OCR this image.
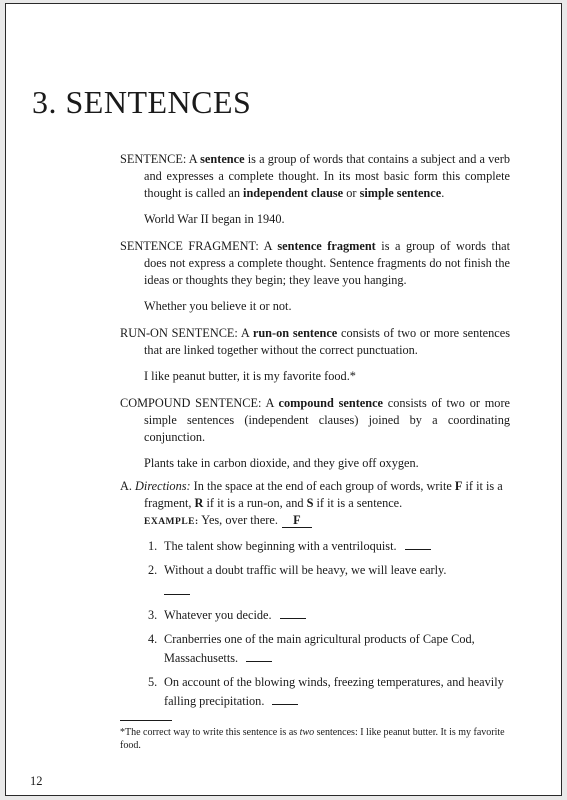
3. SENTENCES

SENTENCE: A sentence is a group of words that contains a subject and a verb and expresses a complete thought. In its most basic form this complete thought is called an independent clause or simple sentence.

World War II began in 1940.

SENTENCE FRAGMENT: A sentence fragment is a group of words that does not express a complete thought. Sentence fragments do not finish the ideas or thoughts they begin; they leave you hanging.

Whether you believe it or not.

RUN-ON SENTENCE: A run-on sentence consists of two or more sentences that are linked together without the correct punctuation.

I like peanut butter, it is my favorite food.*

COMPOUND SENTENCE: A compound sentence consists of two or more simple sentences (independent clauses) joined by a coordinating conjunction.

Plants take in carbon dioxide, and they give off oxygen.

A. Directions: In the space at the end of each group of words, write F if it is a fragment, R if it is a run-on, and S if it is a sentence.

EXAMPLE: Yes, over there. F

1. The talent show beginning with a ventriloquist.
2. Without a doubt traffic will be heavy, we will leave early.

3. Whatever you decide.
4. Cranberries one of the main agricultural products of Cape Cod, Massachusetts.
5. On account of the blowing winds, freezing temperatures, and heavily falling precipitation.

*The correct way to write this sentence is as two sentences: I like peanut butter. It is my favorite food.

12
